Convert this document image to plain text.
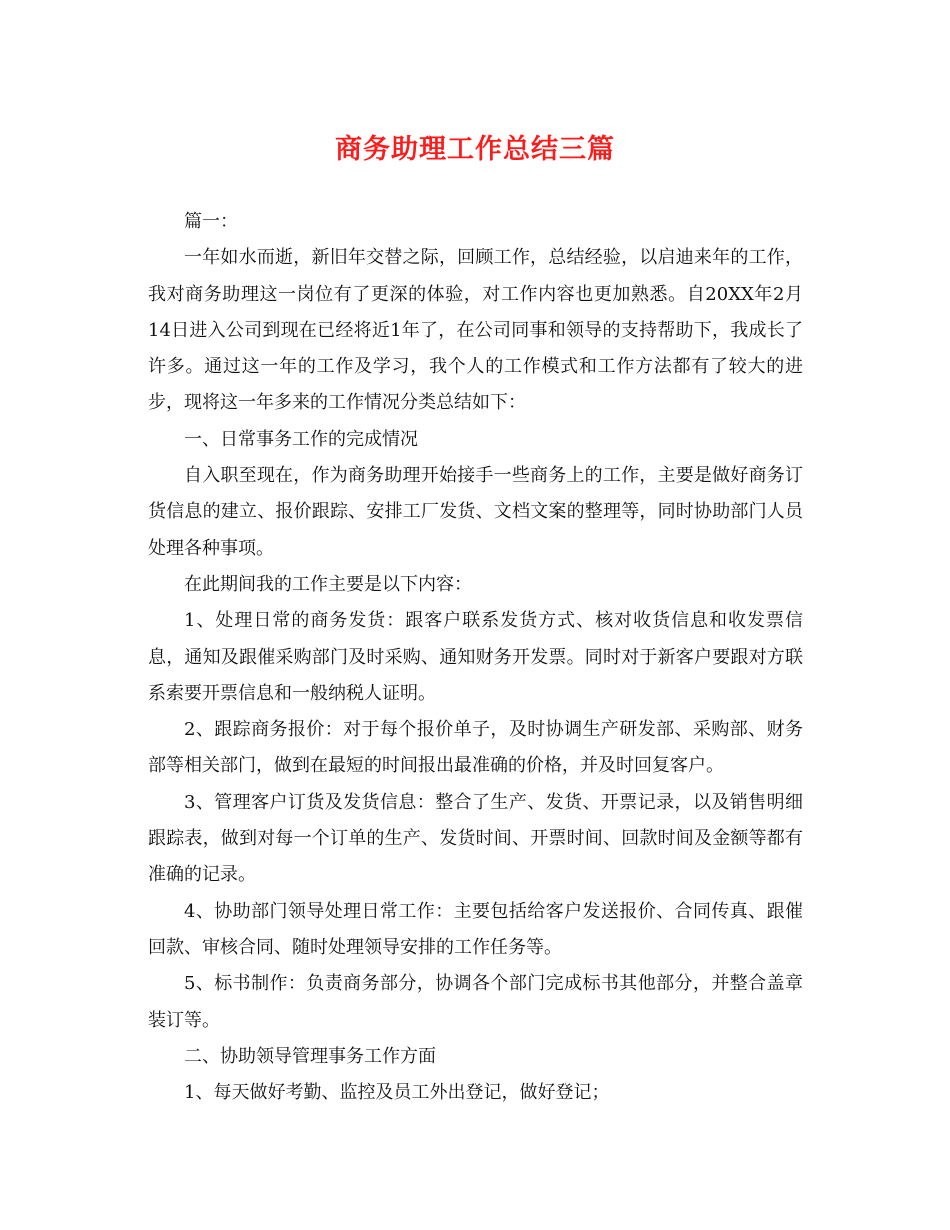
商务助理工作总结三篇

篇一：

一年如水而逝，新旧年交替之际，回顾工作，总结经验，以启迪来年的工作，我对商务助理这一岗位有了更深的体验，对工作内容也更加熟悉。自20XX年2月14日进入公司到现在已经将近1年了，在公司同事和领导的支持帮助下，我成长了许多。通过这一年的工作及学习，我个人的工作模式和工作方法都有了较大的进步，现将这一年多来的工作情况分类总结如下：

一、日常事务工作的完成情况

自入职至现在，作为商务助理开始接手一些商务上的工作，主要是做好商务订货信息的建立、报价跟踪、安排工厂发货、文档文案的整理等，同时协助部门人员处理各种事项。

在此期间我的工作主要是以下内容：

1、处理日常的商务发货：跟客户联系发货方式、核对收货信息和收发票信息，通知及跟催采购部门及时采购、通知财务开发票。同时对于新客户要跟对方联系索要开票信息和一般纳税人证明。

2、跟踪商务报价：对于每个报价单子，及时协调生产研发部、采购部、财务部等相关部门，做到在最短的时间报出最准确的价格，并及时回复客户。

3、管理客户订货及发货信息：整合了生产、发货、开票记录，以及销售明细跟踪表，做到对每一个订单的生产、发货时间、开票时间、回款时间及金额等都有准确的记录。

4、协助部门领导处理日常工作：主要包括给客户发送报价、合同传真、跟催回款、审核合同、随时处理领导安排的工作任务等。

5、标书制作：负责商务部分，协调各个部门完成标书其他部分，并整合盖章装订等。

二、协助领导管理事务工作方面

1、每天做好考勤、监控及员工外出登记，做好登记；
